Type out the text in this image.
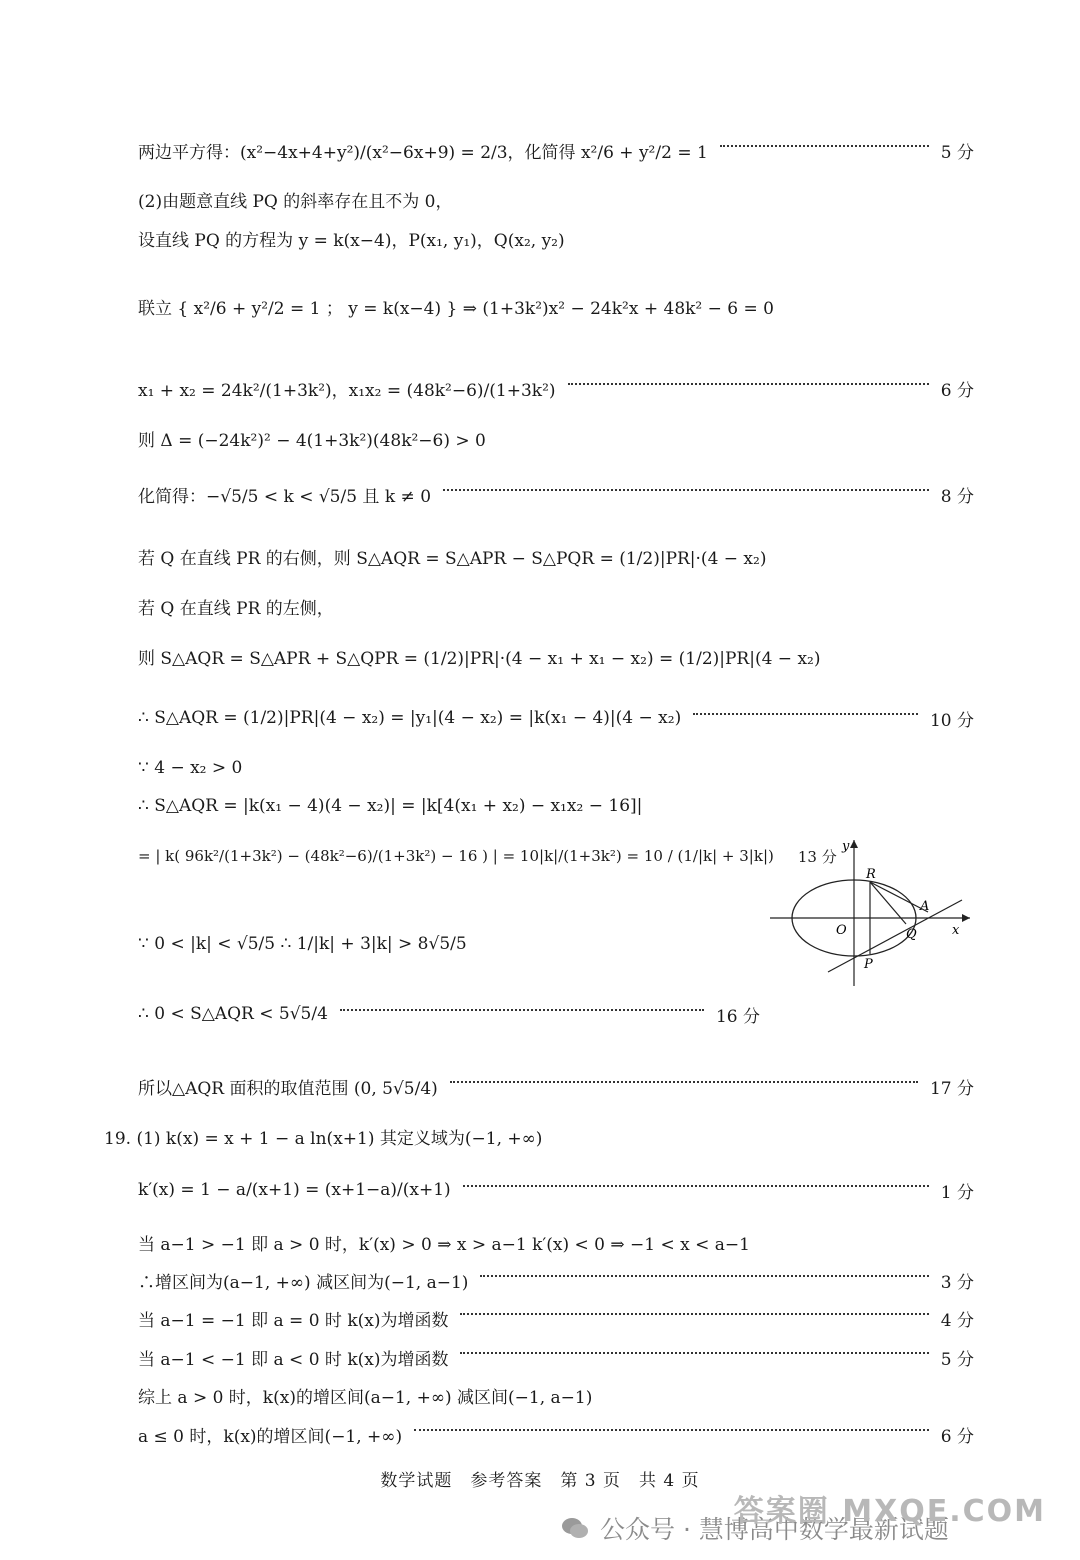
两边平方得：(x²−4x+4+y²)/(x²−6x+9) = 2/3，化简得 x²/6 + y²/2 = 1	5 分
(2)由题意直线 PQ 的斜率存在且不为 0，
设直线 PQ 的方程为 y = k(x−4)，P(x₁, y₁)，Q(x₂, y₂)
联立 { x²/6 + y²/2 = 1 ； y = k(x−4) } ⇒ (1+3k²)x² − 24k²x + 48k² − 6 = 0
x₁ + x₂ = 24k²/(1+3k²)，x₁x₂ = (48k²−6)/(1+3k²)	6 分
则 Δ = (−24k²)² − 4(1+3k²)(48k²−6) > 0
化简得：−√5/5 < k < √5/5 且 k ≠ 0	8 分
若 Q 在直线 PR 的右侧，则 S△AQR = S△APR − S△PQR = (1/2)|PR|·(4 − x₂)
若 Q 在直线 PR 的左侧，
则 S△AQR = S△APR + S△QPR = (1/2)|PR|·(4 − x₁ + x₁ − x₂) = (1/2)|PR|(4 − x₂)
∴ S△AQR = (1/2)|PR|(4 − x₂) = |y₁|(4 − x₂) = |k(x₁ − 4)|(4 − x₂)	10 分
∵ 4 − x₂ > 0
∴ S△AQR = |k(x₁ − 4)(4 − x₂)| = |k[4(x₁ + x₂) − x₁x₂ − 16]|
= | k( 96k²/(1+3k²) − (48k²−6)/(1+3k²) − 16 ) | = 10|k|/(1+3k²) = 10 / (1/|k| + 3|k|) 13 分
∵ 0 < |k| < √5/5 ∴ 1/|k| + 3|k| > 8√5/5
∴ 0 < S△AQR < 5√5/4	16 分
所以△AQR 面积的取值范围 (0, 5√5/4)	17 分
19. (1) k(x) = x + 1 − a ln(x+1) 其定义域为(−1, +∞)
k′(x) = 1 − a/(x+1) = (x+1−a)/(x+1)	1 分
当 a−1 > −1 即 a > 0 时，k′(x) > 0 ⇒ x > a−1 k′(x) < 0 ⇒ −1 < x < a−1
∴增区间为(a−1, +∞) 减区间为(−1, a−1)	3 分
当 a−1 = −1 即 a = 0 时 k(x)为增函数	4 分
当 a−1 < −1 即 a < 0 时 k(x)为增函数	5 分
综上 a > 0 时，k(x)的增区间(a−1, +∞) 减区间(−1, a−1)
a ≤ 0 时，k(x)的增区间(−1, +∞)	6 分
y
x
O
R
A
Q
P
数学试题　参考答案　第 3 页　共 4 页
公众号 · 慧博高中数学最新试题
答案圈 MXQE.COM
